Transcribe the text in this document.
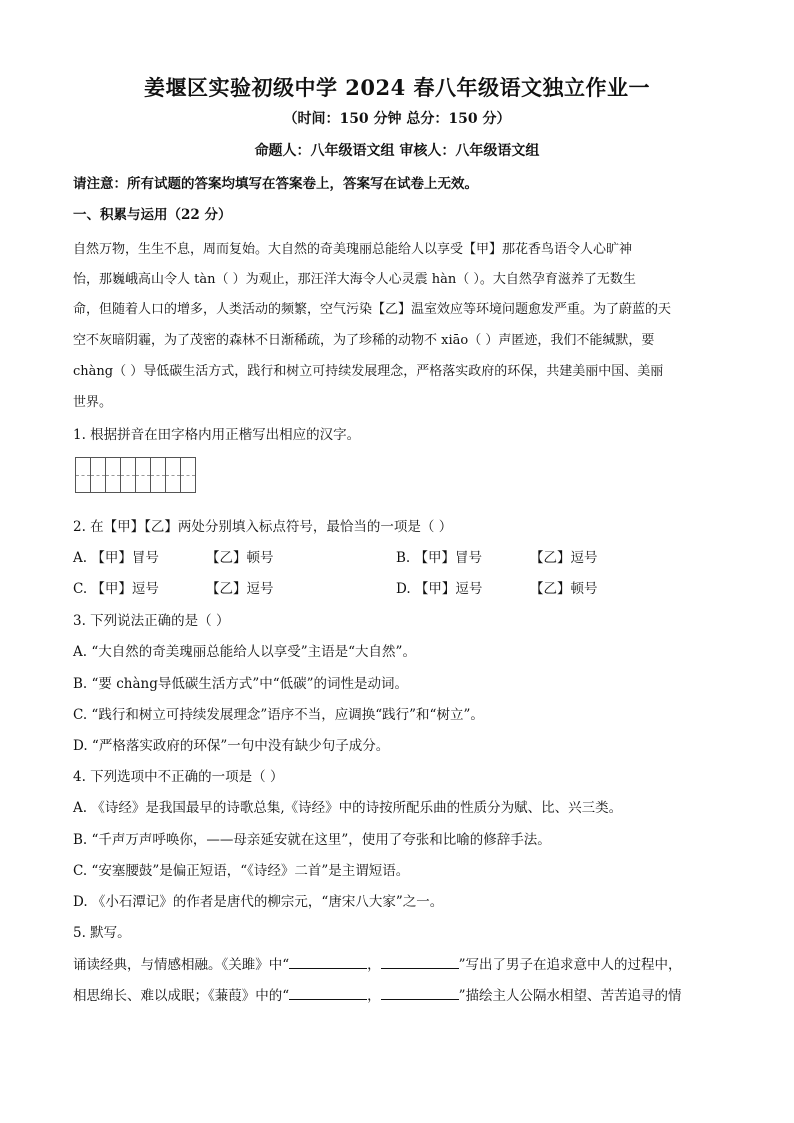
姜堰区实验初级中学 2024 春八年级语文独立作业一
（时间：150 分钟 总分：150 分）
命题人：八年级语文组 审核人：八年级语文组
请注意：所有试题的答案均填写在答案卷上，答案写在试卷上无效。
一、积累与运用（22 分）
自然万物，生生不息，周而复始。大自然的奇美瑰丽总能给人以享受【甲】那花香鸟语令人心旷神
怡，那巍峨高山令人 tàn（ ）为观止，那汪洋大海令人心灵震 hàn（ ）。大自然孕育滋养了无数生
命，但随着人口的增多，人类活动的频繁，空气污染【乙】温室效应等环境问题愈发严重。为了蔚蓝的天
空不灰暗阴霾，为了茂密的森林不日渐稀疏，为了珍稀的动物不 xiāo（ ）声匿迹，我们不能缄默，要
chàng（ ）导低碳生活方式，践行和树立可持续发展理念，严格落实政府的环保，共建美丽中国、美丽
世界。
1. 根据拼音在田字格内用正楷写出相应的汉字。
2. 在【甲】【乙】两处分别填入标点符号，最恰当的一项是（ ）
A. 【甲】冒号	【乙】顿号	B. 【甲】冒号	【乙】逗号
C. 【甲】逗号	【乙】逗号	D. 【甲】逗号	【乙】顿号
3. 下列说法正确的是（ ）
A. “大自然的奇美瑰丽总能给人以享受”主语是“大自然”。
B. “要 chàng导低碳生活方式”中“低碳”的词性是动词。
C. “践行和树立可持续发展理念”语序不当，应调换“践行”和“树立”。
D. “严格落实政府的环保”一句中没有缺少句子成分。
4. 下列选项中不正确的一项是（ ）
A. 《诗经》是我国最早的诗歌总集,《诗经》中的诗按所配乐曲的性质分为赋、比、兴三类。
B. “千声万声呼唤你，——母亲延安就在这里”，使用了夸张和比喻的修辞手法。
C. “安塞腰鼓”是偏正短语，“《诗经》二首”是主谓短语。
D. 《小石潭记》的作者是唐代的柳宗元，“唐宋八大家”之一。
5. 默写。
诵读经典，与情感相融。《关雎》中“	，	”写出了男子在追求意中人的过程中，
相思绵长、难以成眠；《蒹葭》中的“	，	”描绘主人公隔水相望、苦苦追寻的情
